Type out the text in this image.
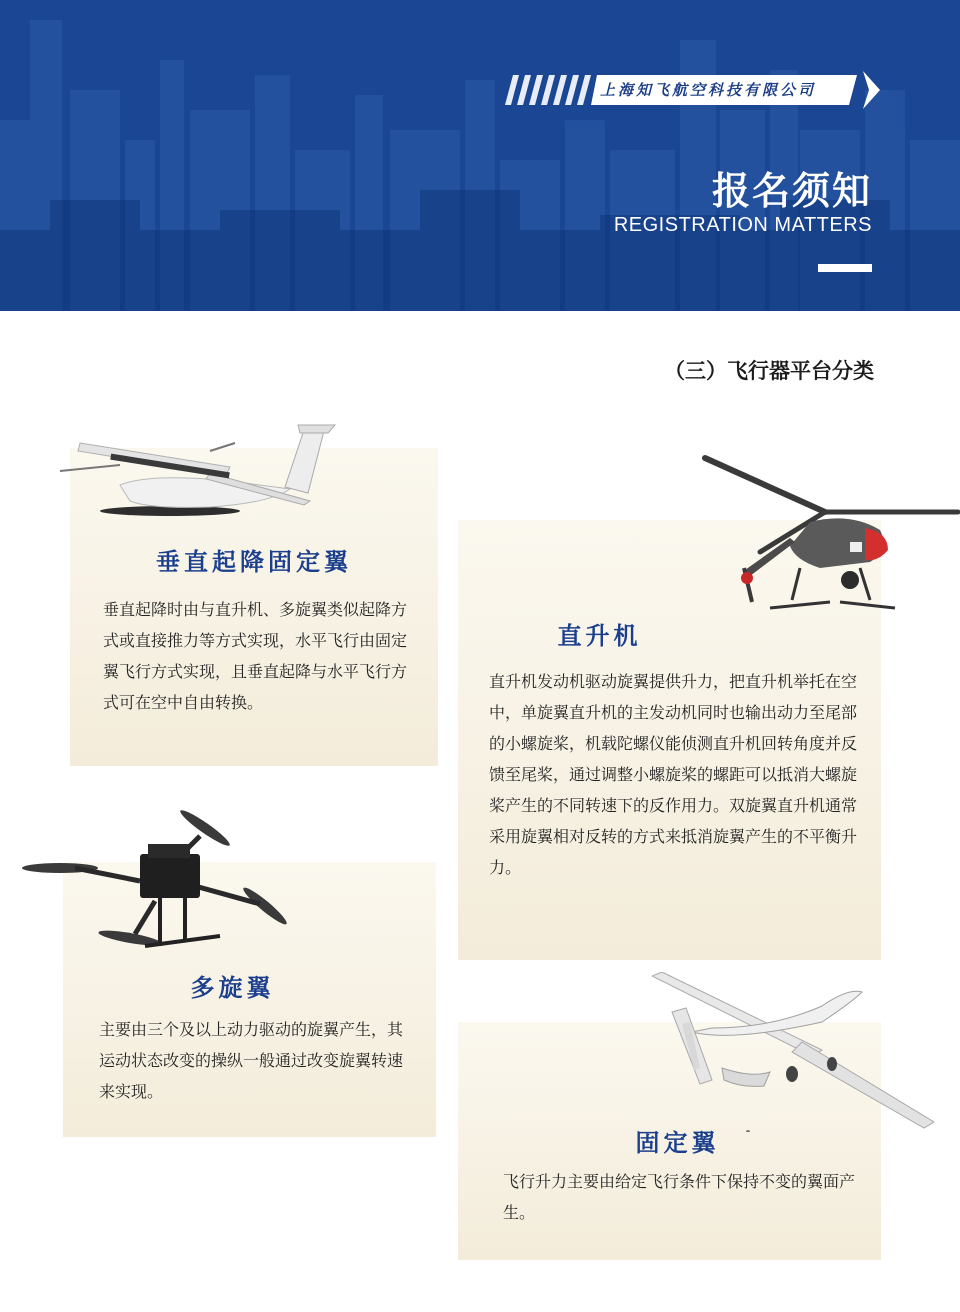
上海知飞航空科技有限公司
报名须知
REGISTRATION MATTERS
（三）飞行器平台分类
垂直起降固定翼
垂直起降时由与直升机、多旋翼类似起降方式或直接推力等方式实现，水平飞行由固定翼飞行方式实现，且垂直起降与水平飞行方式可在空中自由转换。
直升机
直升机发动机驱动旋翼提供升力，把直升机举托在空中，单旋翼直升机的主发动机同时也输出动力至尾部的小螺旋桨，机载陀螺仪能侦测直升机回转角度并反馈至尾桨，通过调整小螺旋桨的螺距可以抵消大螺旋桨产生的不同转速下的反作用力。双旋翼直升机通常采用旋翼相对反转的方式来抵消旋翼产生的不平衡升力。
多旋翼
主要由三个及以上动力驱动的旋翼产生，其运动状态改变的操纵一般通过改变旋翼转速来实现。
固定翼
飞行升力主要由给定飞行条件下保持不变的翼面产生。
